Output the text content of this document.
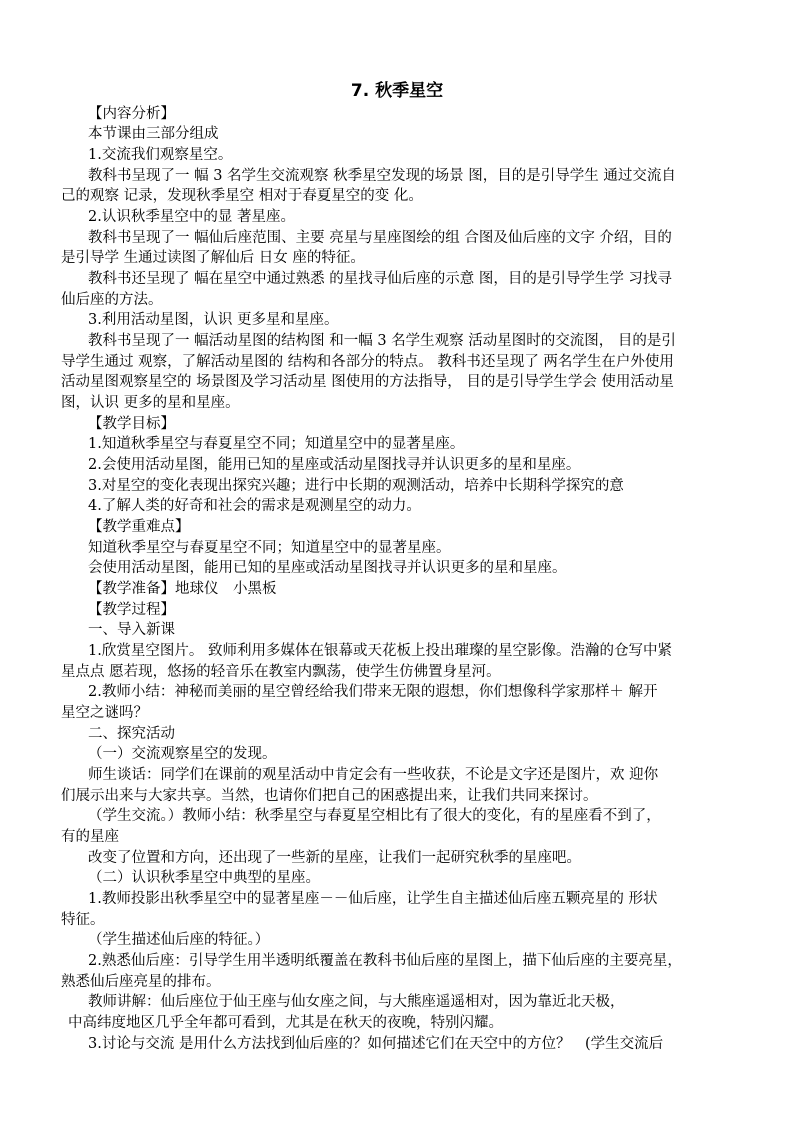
7. 秋季星空
【内容分析】
本节课由三部分组成
1.交流我们观察星空。
教科书呈现了一 幅 3 名学生交流观察 秋季星空发现的场景 图，目的是引导学生 通过交流自
己的观察 记录，发现秋季星空 相对于春夏星空的变 化。
2.认识秋季星空中的显 著星座。
教科书呈现了一 幅仙后座范围、主要 亮星与星座图绘的组 合图及仙后座的文字 介绍，目的
是引导学 生通过读图了解仙后 日女 座的特征。
教科书还呈现了 幅在星空中通过熟悉 的星找寻仙后座的示意 图，目的是引导学生学 习找寻
仙后座的方法。
3.利用活动星图，认识 更多星和星座。
教科书呈现了一 幅活动星图的结构图 和一幅 3 名学生观察 活动星图时的交流图， 目的是引
导学生通过 观察，了解活动星图的 结构和各部分的特点。 教科书还呈现了 两名学生在户外使用
活动星图观察星空的 场景图及学习活动星 图使用的方法指导， 目的是引导学生学会 使用活动星
图，认识 更多的星和星座。
【教学目标】
1.知道秋季星空与春夏星空不同；知道星空中的显著星座。
2.会使用活动星图，能用已知的星座或活动星图找寻并认识更多的星和星座。
3.对星空的变化表现出探究兴趣；进行中长期的观测活动，培养中长期科学探究的意
4.了解人类的好奇和社会的需求是观测星空的动力。
【教学重难点】
知道秋季星空与春夏星空不同；知道星空中的显著星座。
会使用活动星图，能用已知的星座或活动星图找寻并认识更多的星和星座。
【教学准备】地球仪　小黑板
【教学过程】
一、导入新课
1.欣赏星空图片。 致师利用多媒体在银幕或天花板上投出璀璨的星空影像。浩瀚的仓写中紧
星点点 愿若现，悠扬的轻音乐在教室内飘荡，使学生仿佛置身星河。
2.教师小结：神秘而美丽的星空曾经给我们带来无限的遐想，你们想像科学家那样＋ 解开
星空之谜吗？
二、探究活动
（一）交流观察星空的发现。
师生谈话：同学们在课前的观星活动中肯定会有一些收获，不论是文字还是图片，欢 迎你
们展示出来与大家共享。当然，也请你们把自己的困惑提出来，让我们共同来探讨。
（学生交流。）教师小结：秋季星空与春夏星空相比有了很大的变化，有的星座看不到了，
有的星座
改变了位置和方向，还出现了一些新的星座，让我们一起研究秋季的星座吧。
（二）认识秋季星空中典型的星座。
1.教师投影出秋季星空中的显著星座－－仙后座，让学生自主描述仙后座五颗亮星的 形状
特征。
（学生描述仙后座的特征。）
2.熟悉仙后座：引导学生用半透明纸覆盖在教科书仙后座的星图上，描下仙后座的主要亮星，
熟悉仙后座亮星的排布。
教师讲解：仙后座位于仙王座与仙女座之间，与大熊座遥遥相对，因为靠近北天极，
中高纬度地区几乎全年都可看到，尤其是在秋天的夜晚，特别闪耀。
3.讨论与交流 是用什么方法找到仙后座的？如何描述它们在天空中的方位？　(学生交流后
